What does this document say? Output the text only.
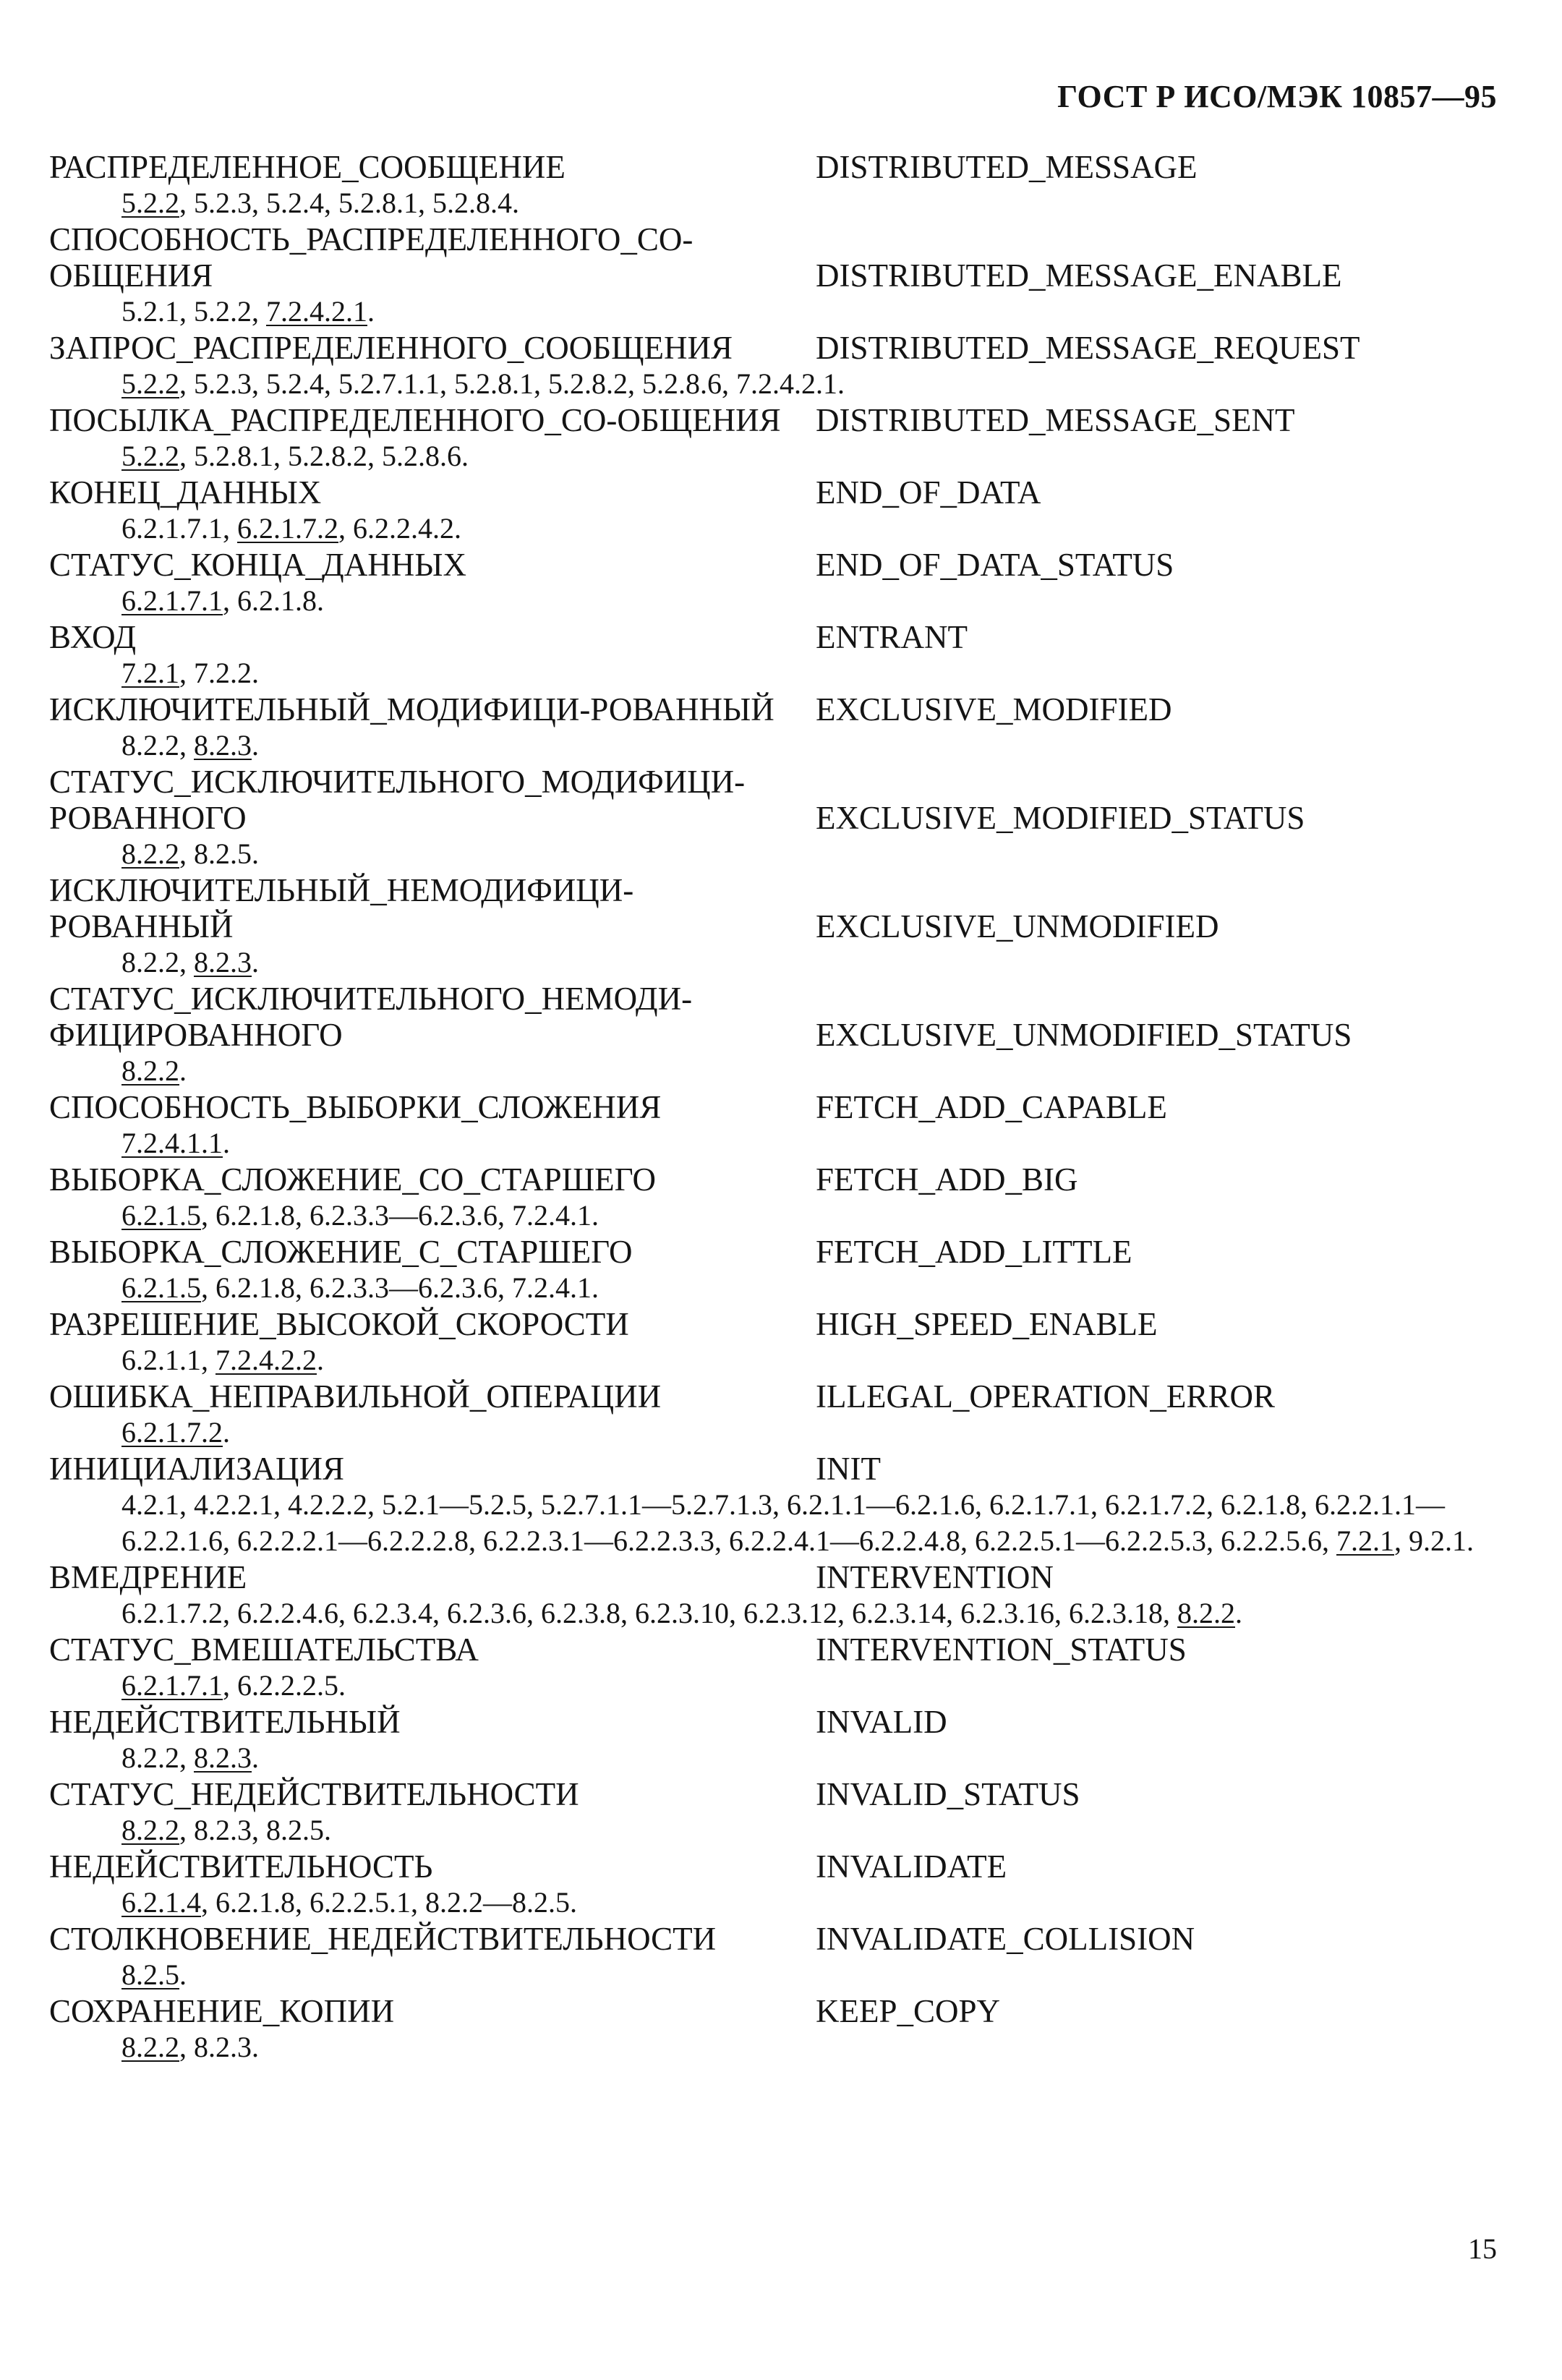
ГОСТ Р ИСО/МЭК 10857—95
РАСПРЕДЕЛЕННОЕ_СООБЩЕНИЕ	DISTRIBUTED_MESSAGE
5.2.2, 5.2.3, 5.2.4, 5.2.8.1, 5.2.8.4.
СПОСОБНОСТЬ_РАСПРЕДЕЛЕННОГО_СО-ОБЩЕНИЯ	DISTRIBUTED_MESSAGE_ENABLE
5.2.1, 5.2.2, 7.2.4.2.1.
ЗАПРОС_РАСПРЕДЕЛЕННОГО_СООБЩЕНИЯ	DISTRIBUTED_MESSAGE_REQUEST
5.2.2, 5.2.3, 5.2.4, 5.2.7.1.1, 5.2.8.1, 5.2.8.2, 5.2.8.6, 7.2.4.2.1.
ПОСЫЛКА_РАСПРЕДЕЛЕННОГО_СО-ОБЩЕНИЯ	DISTRIBUTED_MESSAGE_SENT
5.2.2, 5.2.8.1, 5.2.8.2, 5.2.8.6.
КОНЕЦ_ДАННЫХ	END_OF_DATA
6.2.1.7.1, 6.2.1.7.2, 6.2.2.4.2.
СТАТУС_КОНЦА_ДАННЫХ	END_OF_DATA_STATUS
6.2.1.7.1, 6.2.1.8.
ВХОД	ENTRANT
7.2.1, 7.2.2.
ИСКЛЮЧИТЕЛЬНЫЙ_МОДИФИЦИ-РОВАННЫЙ	EXCLUSIVE_MODIFIED
8.2.2, 8.2.3.
СТАТУС_ИСКЛЮЧИТЕЛЬНОГО_МОДИФИЦИ-РОВАННОГО	EXCLUSIVE_MODIFIED_STATUS
8.2.2, 8.2.5.
ИСКЛЮЧИТЕЛЬНЫЙ_НЕМОДИФИЦИ-РОВАННЫЙ	EXCLUSIVE_UNMODIFIED
8.2.2, 8.2.3.
СТАТУС_ИСКЛЮЧИТЕЛЬНОГО_НЕМОДИ-ФИЦИРОВАННОГО	EXCLUSIVE_UNMODIFIED_STATUS
8.2.2.
СПОСОБНОСТЬ_ВЫБОРКИ_СЛОЖЕНИЯ	FETCH_ADD_CAPABLE
7.2.4.1.1.
ВЫБОРКА_СЛОЖЕНИЕ_СО_СТАРШЕГО	FETCH_ADD_BIG
6.2.1.5, 6.2.1.8, 6.2.3.3—6.2.3.6, 7.2.4.1.
ВЫБОРКА_СЛОЖЕНИЕ_С_СТАРШЕГО	FETCH_ADD_LITTLE
6.2.1.5, 6.2.1.8, 6.2.3.3—6.2.3.6, 7.2.4.1.
РАЗРЕШЕНИЕ_ВЫСОКОЙ_СКОРОСТИ	HIGH_SPEED_ENABLE
6.2.1.1, 7.2.4.2.2.
ОШИБКА_НЕПРАВИЛЬНОЙ_ОПЕРАЦИИ	ILLEGAL_OPERATION_ERROR
6.2.1.7.2.
ИНИЦИАЛИЗАЦИЯ	INIT
4.2.1, 4.2.2.1, 4.2.2.2, 5.2.1—5.2.5, 5.2.7.1.1—5.2.7.1.3, 6.2.1.1—6.2.1.6, 6.2.1.7.1, 6.2.1.7.2, 6.2.1.8, 6.2.2.1.1—6.2.2.1.6, 6.2.2.2.1—6.2.2.2.8, 6.2.2.3.1—6.2.2.3.3, 6.2.2.4.1—6.2.2.4.8, 6.2.2.5.1—6.2.2.5.3, 6.2.2.5.6, 7.2.1, 9.2.1.
ВМЕДРЕНИЕ	INTERVENTION
6.2.1.7.2, 6.2.2.4.6, 6.2.3.4, 6.2.3.6, 6.2.3.8, 6.2.3.10, 6.2.3.12, 6.2.3.14, 6.2.3.16, 6.2.3.18, 8.2.2.
СТАТУС_ВМЕШАТЕЛЬСТВА	INTERVENTION_STATUS
6.2.1.7.1, 6.2.2.2.5.
НЕДЕЙСТВИТЕЛЬНЫЙ	INVALID
8.2.2, 8.2.3.
СТАТУС_НЕДЕЙСТВИТЕЛЬНОСТИ	INVALID_STATUS
8.2.2, 8.2.3, 8.2.5.
НЕДЕЙСТВИТЕЛЬНОСТЬ	INVALIDATE
6.2.1.4, 6.2.1.8, 6.2.2.5.1, 8.2.2—8.2.5.
СТОЛКНОВЕНИЕ_НЕДЕЙСТВИТЕЛЬНОСТИ	INVALIDATE_COLLISION
8.2.5.
СОХРАНЕНИЕ_КОПИИ	KEEP_COPY
8.2.2, 8.2.3.
15
